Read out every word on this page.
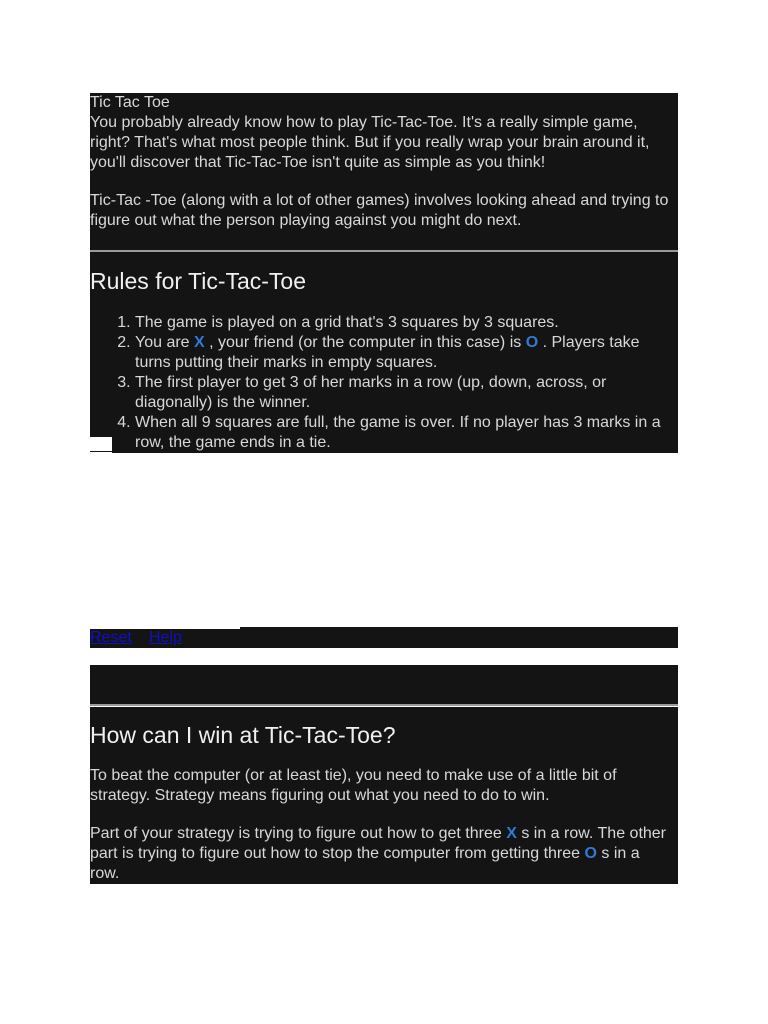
Tic Tac Toe

You probably already know how to play Tic-Tac-Toe. It's a really simple game, right? That's what most people think. But if you really wrap your brain around it, you'll discover that Tic-Tac-Toe isn't quite as simple as you think!

Tic-Tac -Toe (along with a lot of other games) involves looking ahead and trying to figure out what the person playing against you might do next.

Rules for Tic-Tac-Toe
1. The game is played on a grid that's 3 squares by 3 squares.
2. You are X , your friend (or the computer in this case) is O . Players take turns putting their marks in empty squares.
3. The first player to get 3 of her marks in a row (up, down, across, or diagonally) is the winner.
4. When all 9 squares are full, the game is over. If no player has 3 marks in a row, the game ends in a tie.
Reset Help
How can I win at Tic-Tac-Toe?

To beat the computer (or at least tie), you need to make use of a little bit of strategy. Strategy means figuring out what you need to do to win.

Part of your strategy is trying to figure out how to get three X s in a row. The other part is trying to figure out how to stop the computer from getting three O s in a row.
